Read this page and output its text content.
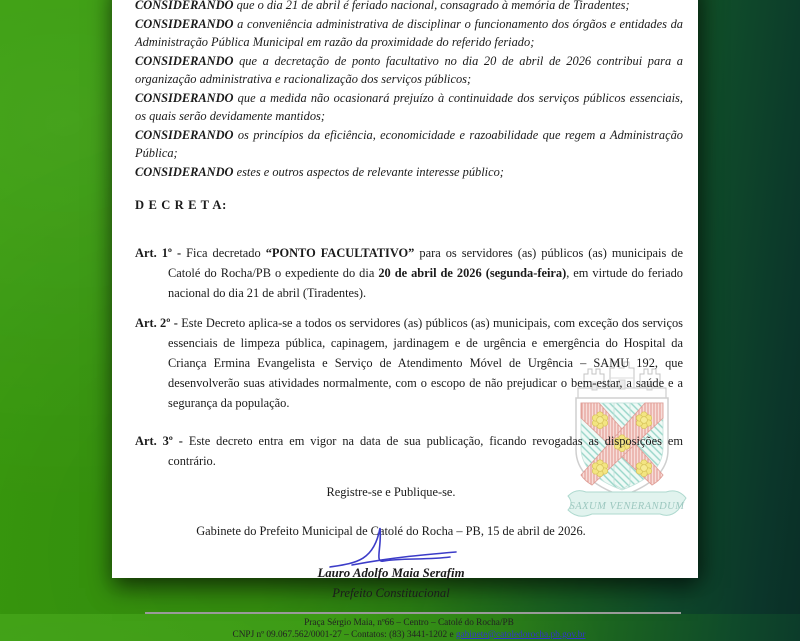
SAXUM VENERANDUM

CONSIDERANDO que o dia 21 de abril é feriado nacional, consagrado à memória de Tiradentes;

CONSIDERANDO a conveniência administrativa de disciplinar o funcionamento dos órgãos e entidades da Administração Pública Municipal em razão da proximidade do referido feriado;

CONSIDERANDO que a decretação de ponto facultativo no dia 20 de abril de 2026 contribui para a organização administrativa e racionalização dos serviços públicos;

CONSIDERANDO que a medida não ocasionará prejuízo à continuidade dos serviços públicos essenciais, os quais serão devidamente mantidos;

CONSIDERANDO os princípios da eficiência, economicidade e razoabilidade que regem a Administração Pública;

CONSIDERANDO estes e outros aspectos de relevante interesse público;

D E C R E T A:

Art. 1º - Fica decretado “PONTO FACULTATIVO” para os servidores (as) públicos (as) municipais de Catolé do Rocha/PB o expediente do dia 20 de abril de 2026 (segunda-feira), em virtude do feriado nacional do dia 21 de abril (Tiradentes).

Art. 2º - Este Decreto aplica-se a todos os servidores (as) públicos (as) municipais, com exceção dos serviços essenciais de limpeza pública, capinagem, jardinagem e de urgência e emergência do Hospital da Criança Ermina Evangelista e Serviço de Atendimento Móvel de Urgência – SAMU 192, que desenvolverão suas atividades normalmente, com o escopo de não prejudicar o bem-estar, a saúde e a segurança da população.

Art. 3º - Este decreto entra em vigor na data de sua publicação, ficando revogadas as disposições em contrário.

Registre-se e Publique-se.

Gabinete do Prefeito Municipal de Catolé do Rocha – PB, 15 de abril de 2026.

Lauro Adolfo Maia Serafim

Prefeito Constitucional

Praça Sérgio Maia, nº66 – Centro – Catolé do Rocha/PB
CNPJ nº 09.067.562/0001-27 – Contatos: (83) 3441-1202 e gabinete@catoledorocha.pb.gov.br
